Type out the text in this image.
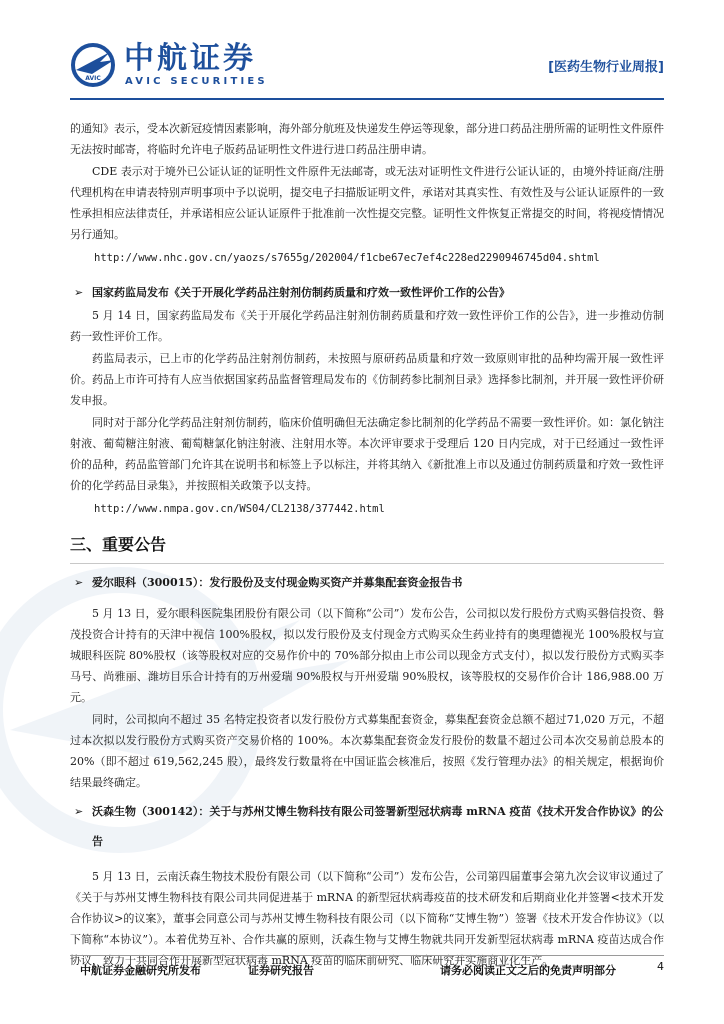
AVIC
中航证券
AVIC SECURITIES
[医药生物行业周报]

的通知》表示，受本次新冠疫情因素影响，海外部分航班及快递发生停运等现象，部分进口药品注册所需的证明性文件原件无法按时邮寄，将临时允许电子版药品证明性文件进行进口药品注册申请。

CDE 表示对于境外已公证认证的证明性文件原件无法邮寄，或无法对证明性文件进行公证认证的，由境外持证商/注册代理机构在申请表特别声明事项中予以说明，提交电子扫描版证明文件，承诺对其真实性、有效性及与公证认证原件的一致性承担相应法律责任，并承诺相应公证认证原件于批准前一次性提交完整。证明性文件恢复正常提交的时间，将视疫情情况另行通知。

http://www.nhc.gov.cn/yaozs/s7655g/202004/f1cbe67ec7ef4c228ed2290946745d04.shtml
➢ 国家药监局发布《关于开展化学药品注射剂仿制药质量和疗效一致性评价工作的公告》

5 月 14 日，国家药监局发布《关于开展化学药品注射剂仿制药质量和疗效一致性评价工作的公告》，进一步推动仿制药一致性评价工作。

药监局表示，已上市的化学药品注射剂仿制药，未按照与原研药品质量和疗效一致原则审批的品种均需开展一致性评价。药品上市许可持有人应当依据国家药品监督管理局发布的《仿制药参比制剂目录》选择参比制剂，并开展一致性评价研发申报。

同时对于部分化学药品注射剂仿制药，临床价值明确但无法确定参比制剂的化学药品不需要一致性评价。如：氯化钠注射液、葡萄糖注射液、葡萄糖氯化钠注射液、注射用水等。本次评审要求于受理后 120 日内完成，对于已经通过一致性评价的品种，药品监管部门允许其在说明书和标签上予以标注，并将其纳入《新批准上市以及通过仿制药质量和疗效一致性评价的化学药品目录集》，并按照相关政策予以支持。

http://www.nmpa.gov.cn/WS04/CL2138/377442.html
三、重要公告
➢ 爱尔眼科（300015）：发行股份及支付现金购买资产并募集配套资金报告书

5 月 13 日，爱尔眼科医院集团股份有限公司（以下简称“公司”）发布公告，公司拟以发行股份方式购买磐信投资、磐茂投资合计持有的天津中视信 100%股权，拟以发行股份及支付现金方式购买众生药业持有的奥理德视光 100%股权与宣城眼科医院 80%股权（该等股权对应的交易作价中的 70%部分拟由上市公司以现金方式支付），拟以发行股份方式购买李马号、尚雅丽、潍坊目乐合计持有的万州爱瑞 90%股权与开州爱瑞 90%股权，该等股权的交易作价合计 186,988.00 万元。

同时，公司拟向不超过 35 名特定投资者以发行股份方式募集配套资金，募集配套资金总额不超过71,020 万元，不超过本次拟以发行股份方式购买资产交易价格的 100%。本次募集配套资金发行股份的数量不超过公司本次交易前总股本的 20%（即不超过 619,562,245 股），最终发行数量将在中国证监会核准后，按照《发行管理办法》的相关规定，根据询价结果最终确定。

➢ 沃森生物（300142）：关于与苏州艾博生物科技有限公司签署新型冠状病毒 mRNA 疫苗《技术开发合作协议》的公告

5 月 13 日，云南沃森生物技术股份有限公司（以下简称“公司”）发布公告，公司第四届董事会第九次会议审议通过了《关于与苏州艾博生物科技有限公司共同促进基于 mRNA 的新型冠状病毒疫苗的技术研发和后期商业化并签署<技术开发合作协议>的议案》，董事会同意公司与苏州艾博生物科技有限公司（以下简称“艾博生物”）签署《技术开发合作协议》（以下简称“本协议”）。本着优势互补、合作共赢的原则，沃森生物与艾博生物就共同开发新型冠状病毒 mRNA 疫苗达成合作协议，致力于共同合作开展新型冠状病毒 mRNA 疫苗的临床前研究、临床研究并实施商业化生产。

中航证券金融研究所发布	证券研究报告	请务必阅读正文之后的免责声明部分	4
